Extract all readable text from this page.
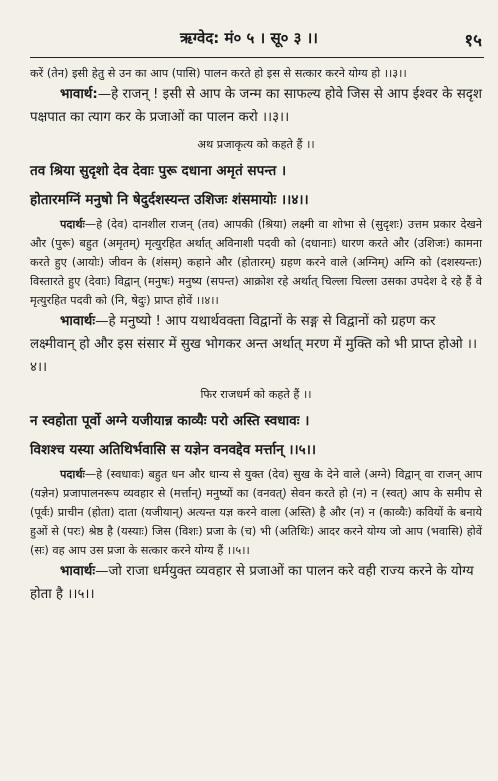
ऋग्वेद: मं० ५ । सू० ३ ।।	१५

करें (तेन) इसी हेतु से उन का आप (पासि) पालन करते हो इस से सत्कार करने योग्य हो ।।३।।

भावार्थ:—हे राजन् ! इसी से आप के जन्म का साफल्य होवे जिस से आप ईश्वर के सदृश पक्षपात का त्याग कर के प्रजाओं का पालन करो ।।३।।

अथ प्रजाकृत्य को कहते हैं ।।

तव श्रिया सुदृशो देव देवाः पुरू दधाना अमृतं सपन्त ।

होतारमग्निं मनुषो नि षेदुर्दशस्यन्त उशिजः शंसमायोः ।।४।।

पदार्थः—हे (देव) दानशील राजन् (तव) आपकी (श्रिया) लक्ष्मी वा शोभा से (सुदृशः) उत्तम प्रकार देखने और (पुरू) बहुत (अमृतम्) मृत्युरहित अर्थात् अविनाशी पदवी को (दधानाः) धारण करते और (उशिजः) कामना करते हुए (आयोः) जीवन के (शंसम्) कहाने और (होतारम्) ग्रहण करने वाले (अग्निम्) अग्नि को (दशस्यन्तः) विस्तारते हुए (देवाः) विद्वान् (मनुषः) मनुष्य (सपन्त) आक्रोश रहे अर्थात् चिल्ला चिल्ला उसका उपदेश दे रहे हैं वे मृत्युरहित पदवी को (नि, षेदुः) प्राप्त होवें ।।४।।

भावार्थः—हे मनुष्यो ! आप यथार्थवक्ता विद्वानों के सङ्ग से विद्वानों को ग्रहण कर लक्ष्मीवान् हो और इस संसार में सुख भोगकर अन्त अर्थात् मरण में मुक्ति को भी प्राप्त होओ ।।४।।

फिर राजधर्म को कहते हैं ।।

न स्वहोता पूर्वो अग्ने यजीयान्न काव्यैः परो अस्ति स्वधावः ।

विशश्च यस्या अतिथिर्भवासि स यज्ञेन वनवद्देव मर्त्तान् ।।५।।

पदार्थः—हे (स्वधावः) बहुत धन और धान्य से युक्त (देव) सुख के देने वाले (अग्ने) विद्वान् वा राजन् आप (यज्ञेन) प्रजापालनरूप व्यवहार से (मर्त्तान्) मनुष्यों का (वनवत्) सेवन करते हो (न) न (स्वत्) आप के समीप से (पूर्वः) प्राचीन (होता) दाता (यजीयान्) अत्यन्त यज्ञ करने वाला (अस्ति) है और (न) न (काव्यैः) कवियों के बनाये हुओं से (परः) श्रेष्ठ है (यस्याः) जिस (विशः) प्रजा के (च) भी (अतिथिः) आदर करने योग्य जो आप (भवासि) होवें (सः) वह आप उस प्रजा के सत्कार करने योग्य हैं ।।५।।

भावार्थः—जो राजा धर्मयुक्त व्यवहार से प्रजाओं का पालन करे वही राज्य करने के योग्य होता है ।।५।।
